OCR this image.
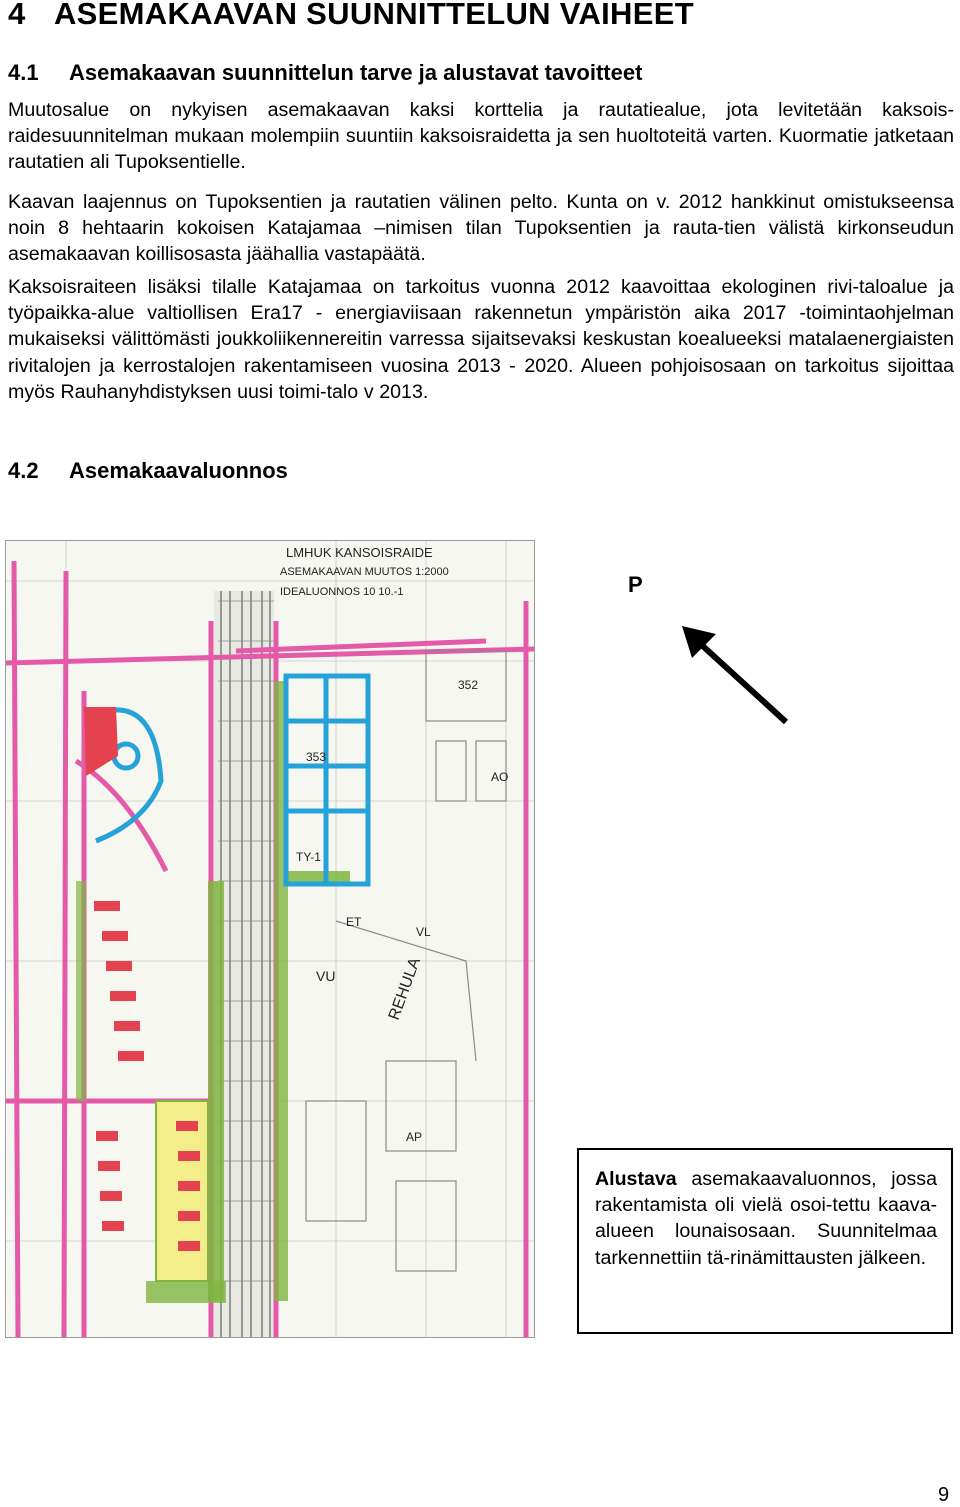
4 ASEMAKAAVAN SUUNNITTELUN VAIHEET
4.1 Asemakaavan suunnittelun tarve ja alustavat tavoitteet

Muutosalue on nykyisen asemakaavan kaksi korttelia ja rautatiealue, jota levitetään kaksois-raidesuunnitelman mukaan molempiin suuntiin kaksoisraidetta ja sen huoltoteitä varten. Kuormatie jatketaan rautatien ali Tupoksentielle.

Kaavan laajennus on Tupoksentien ja rautatien välinen pelto. Kunta on v. 2012 hankkinut omistukseensa noin 8 hehtaarin kokoisen Katajamaa –nimisen tilan Tupoksentien ja rauta-tien välistä kirkonseudun asemakaavan koillisosasta jäähallia vastapäätä.

Kaksoisraiteen lisäksi tilalle Katajamaa on tarkoitus vuonna 2012 kaavoittaa ekologinen rivi-taloalue ja työpaikka-alue valtiollisen Era17 - energiaviisaan rakennetun ympäristön aika 2017 -toimintaohjelman mukaiseksi välittömästi joukkoliikennereitin varressa sijaitsevaksi keskustan koealueeksi matalaenergiaisten rivitalojen ja kerrostalojen rakentamiseen vuosina 2013 - 2020. Alueen pohjoisosaan on tarkoitus sijoittaa myös Rauhanyhdistyksen uusi toimi-talo v 2013.

4.2 Asemakaavaluonnos
LMHUK KANSOISRAIDE
ASEMAKAAVAN MUUTOS 1:2000
IDEALUONNOS 10 10.-1
353
352
VL
REHULA
VU
AO
AP
TY-1
ET
P
Alustava asemakaavaluonnos, jossa rakentamista oli vielä osoi-tettu kaava-alueen lounaisosaan. Suunnitelmaa tarkennettiin tä-rinämittausten jälkeen.
9
